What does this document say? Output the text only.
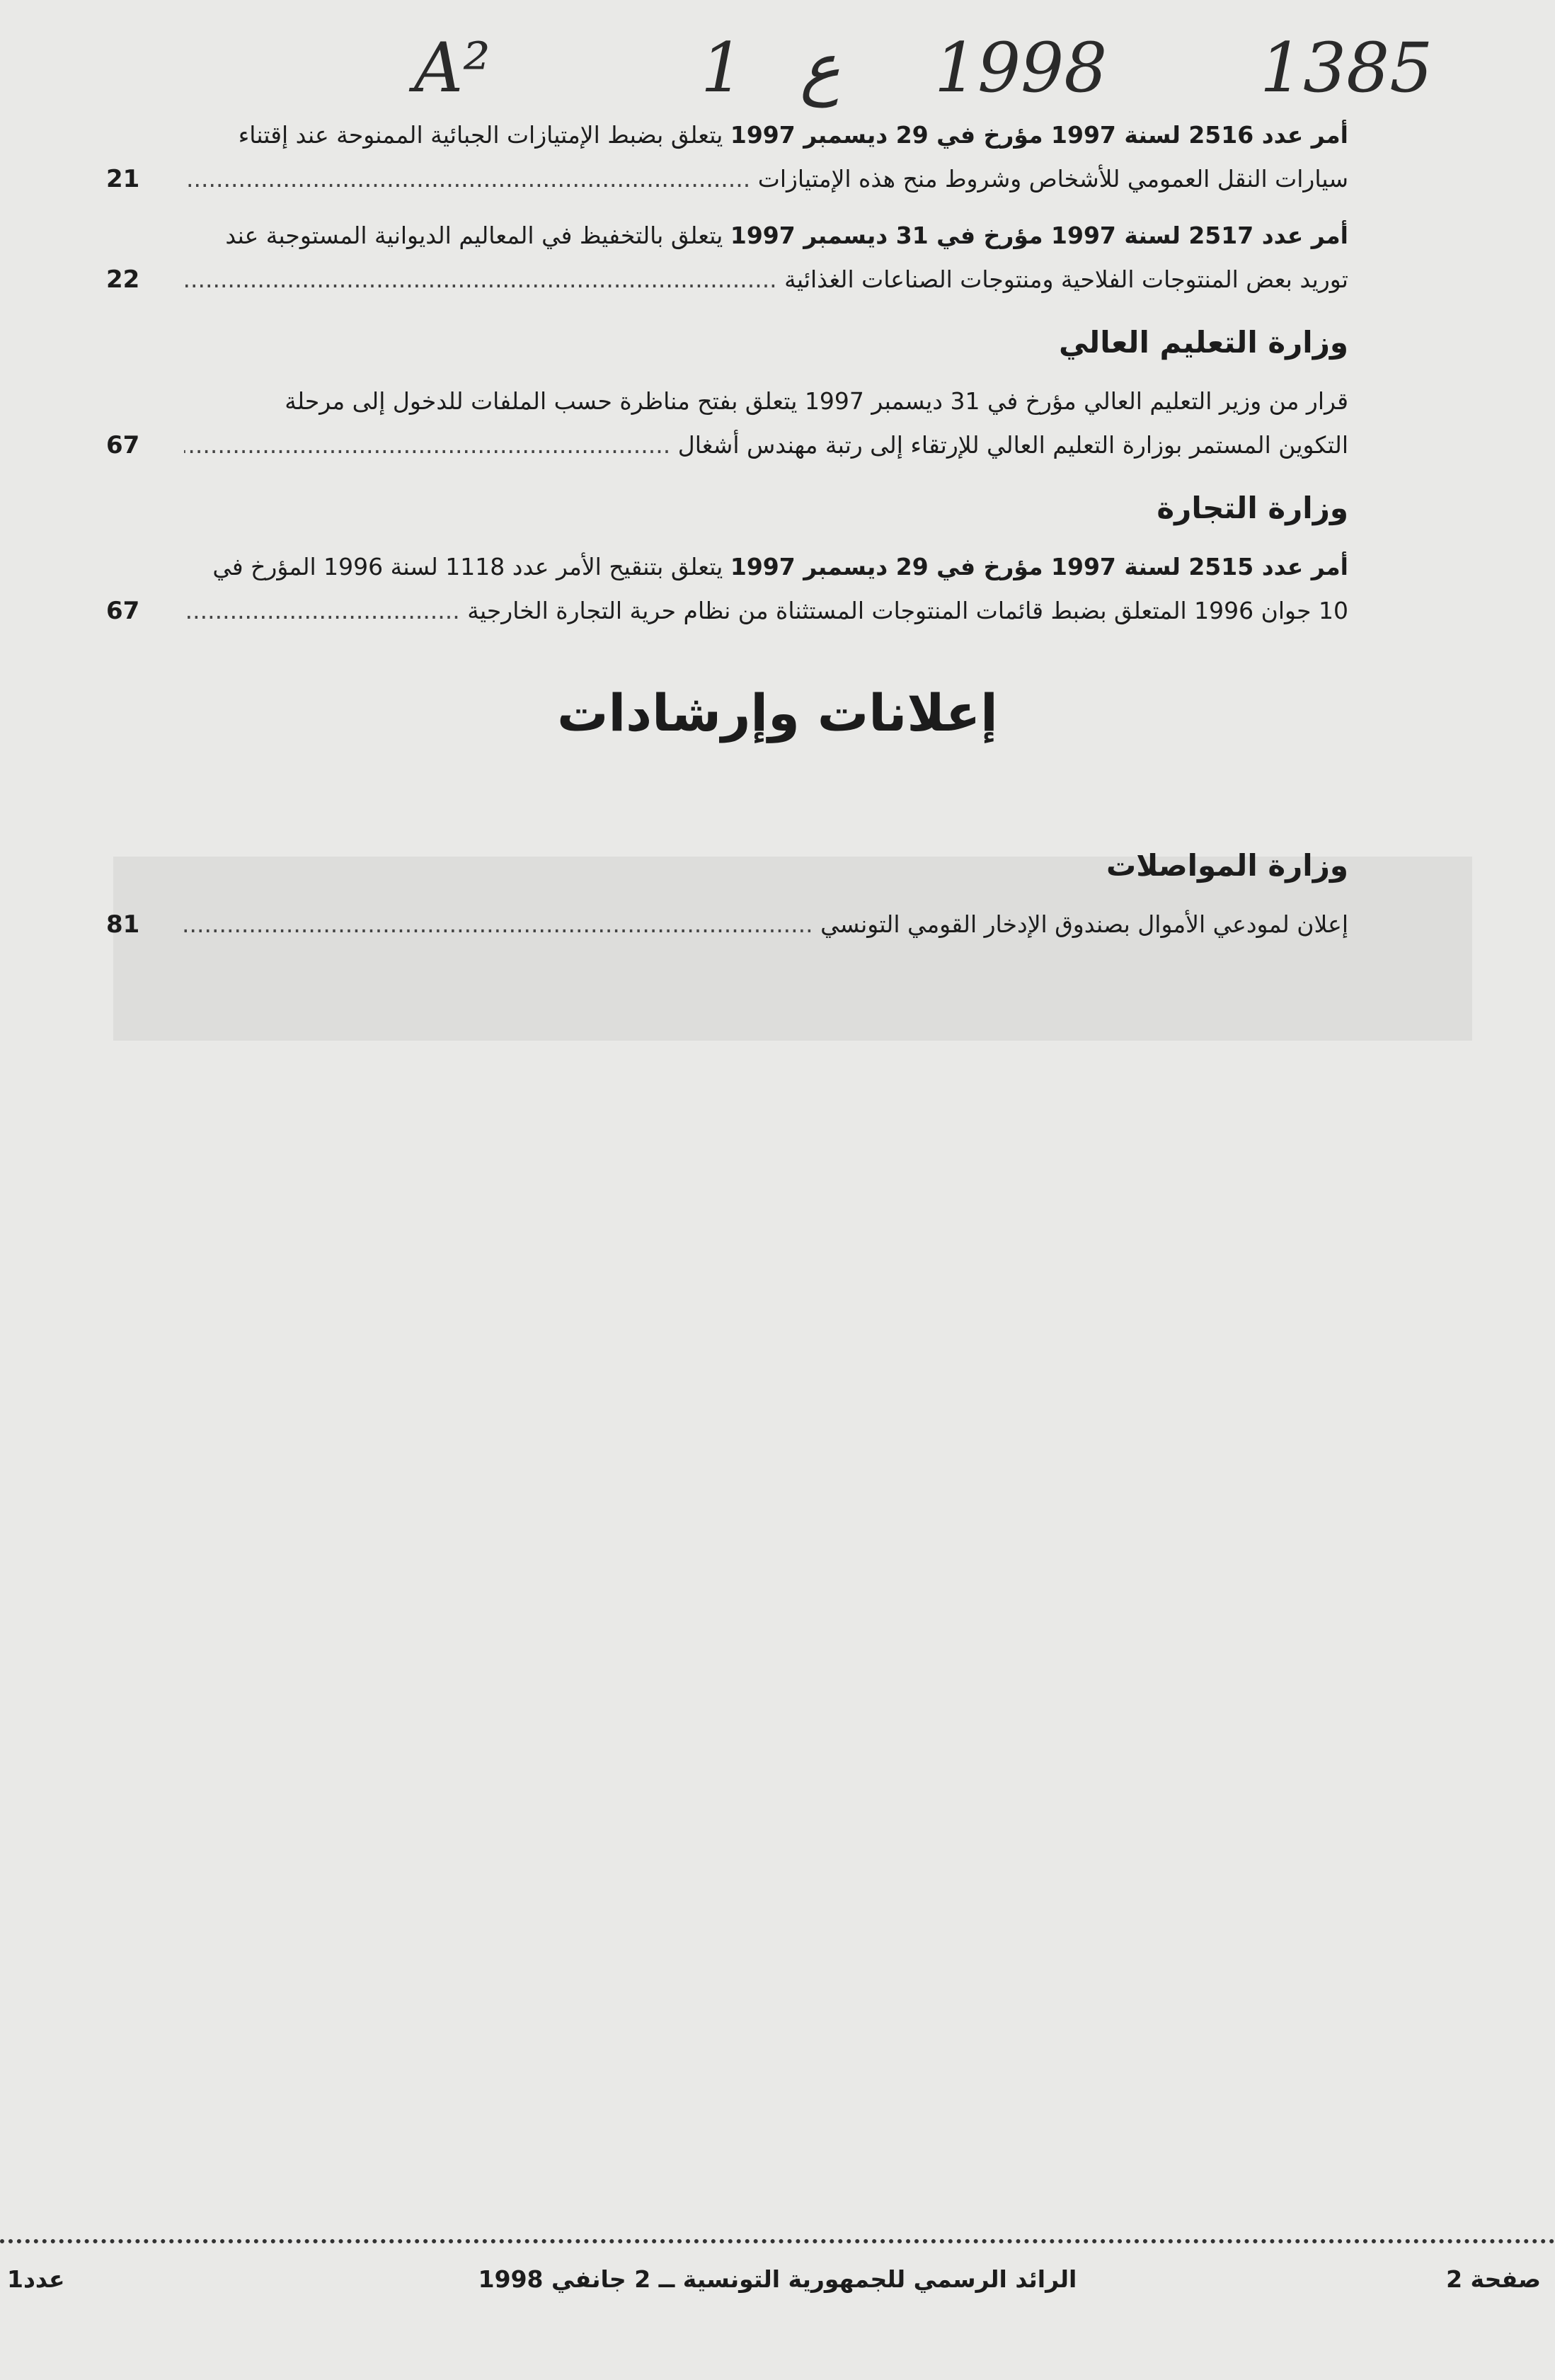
1385
1998
ع
1
A²
أمر عدد 2516 لسنة 1997 مؤرخ في 29 ديسمبر 1997 يتعلق بضبط الإمتيازات الجبائية الممنوحة عند إقتناء
سيارات النقل العمومي للأشخاص وشروط منح هذه الإمتيازات .....
21
أمر عدد 2517 لسنة 1997 مؤرخ في 31 ديسمبر 1997 يتعلق بالتخفيظ في المعاليم الديوانية المستوجبة عند
توريد بعض المنتوجات الفلاحية ومنتوجات الصناعات الغذائية .....
22
وزارة التعليم العالي
قرار من وزير التعليم العالي مؤرخ في 31 ديسمبر 1997 يتعلق بفتح مناظرة حسب الملفات للدخول إلى مرحلة
التكوين المستمر بوزارة التعليم العالي للإرتقاء إلى رتبة مهندس أشغال .....
67
وزارة التجارة
أمر عدد 2515 لسنة 1997 مؤرخ في 29 ديسمبر 1997 يتعلق بتنقيح الأمر عدد 1118 لسنة 1996 المؤرخ في
10 جوان 1996 المتعلق بضبط قائمات المنتوجات المستثناة من نظام حرية التجارة الخارجية .....
67
إعلانات وإرشادات
وزارة المواصلات
إعلان لمودعي الأموال بصندوق الإدخار القومي التونسي .....
81
عدد1	الرائد الرسمي للجمهورية التونسية ــ 2 جانفي 1998	صفحة 2
